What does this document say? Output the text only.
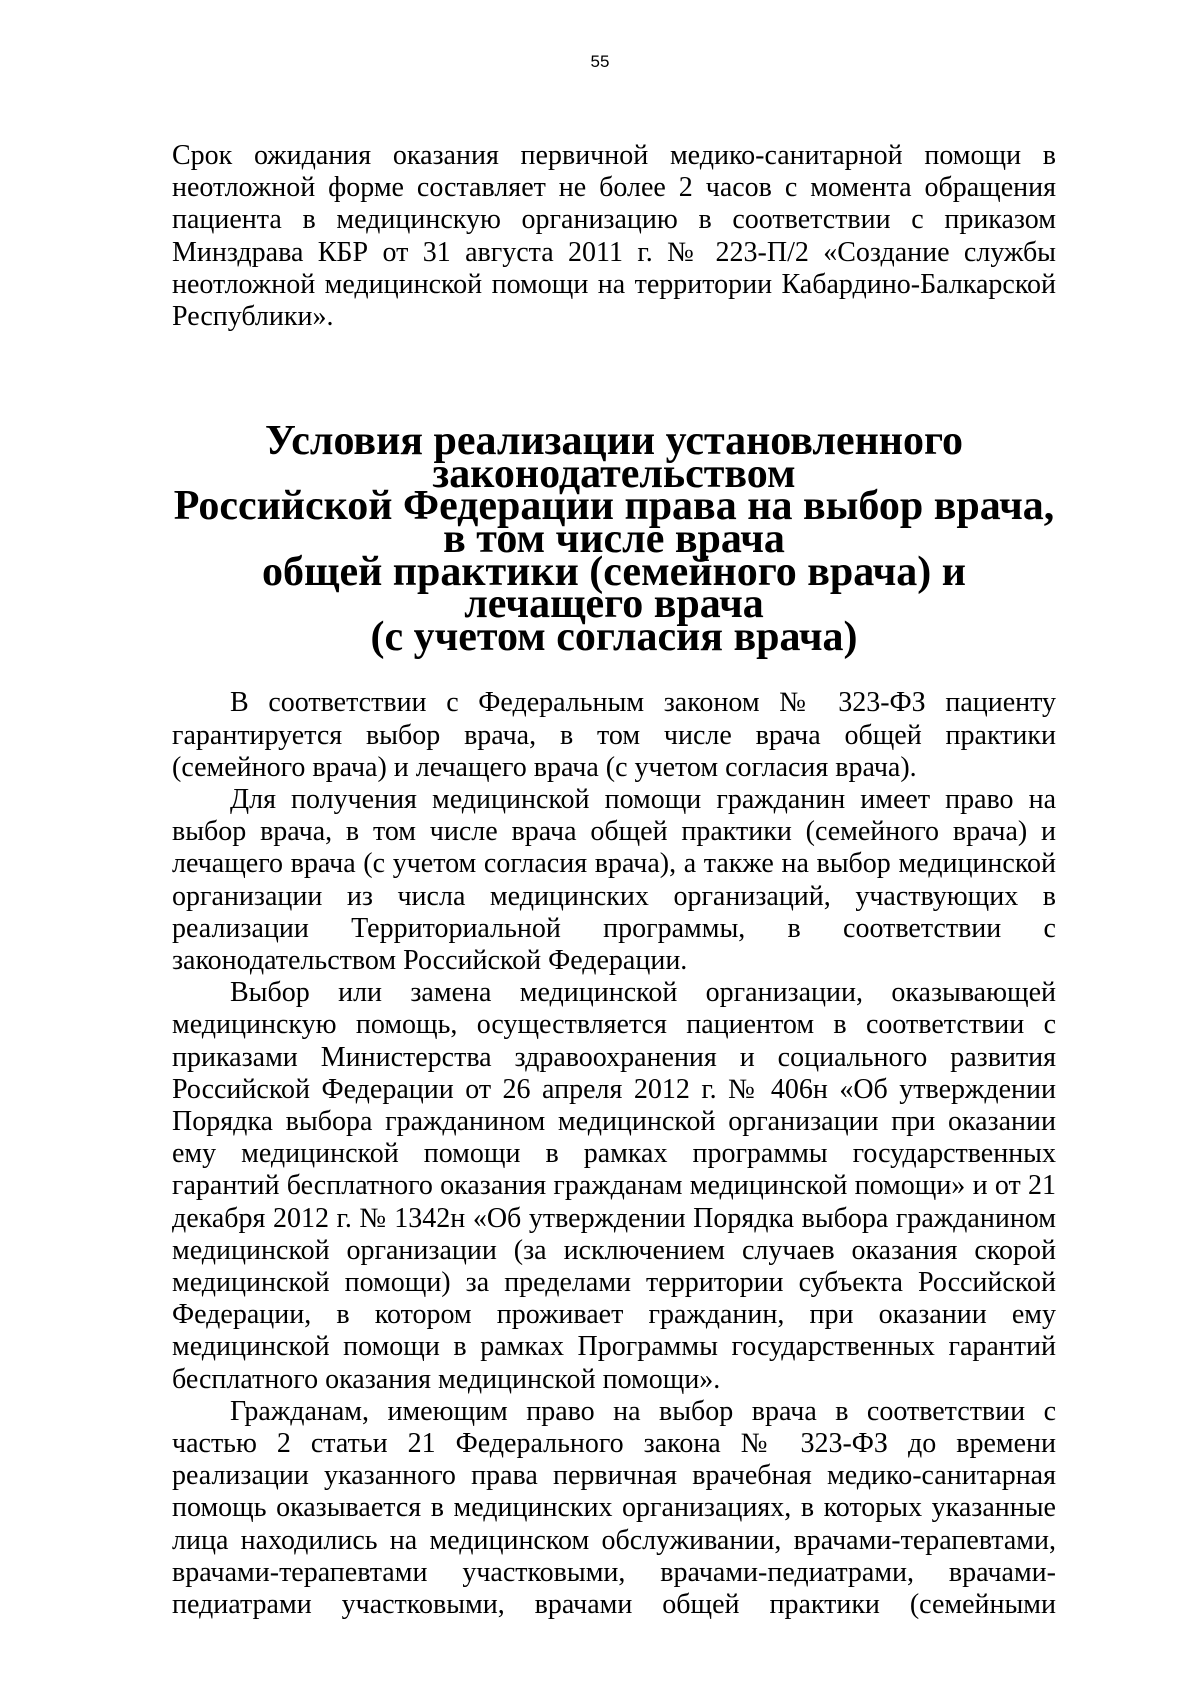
55

Срок ожидания оказания первичной медико-санитарной помощи в неотложной форме составляет не более 2 часов с момента обращения пациента в медицинскую организацию в соответствии с приказом Минздрава КБР от 31 августа 2011 г. № 223-П/2 «Создание службы неотложной медицинской помощи на территории Кабардино-Балкарской Республики».

Условия реализации установленного законодательством
Российской Федерации права на выбор врача, в том числе врача
общей практики (семейного врача) и лечащего врача
(с учетом согласия врача)

В соответствии с Федеральным законом № 323-ФЗ пациенту гарантируется выбор врача, в том числе врача общей практики (семейного врача) и лечащего врача (с учетом согласия врача).

Для получения медицинской помощи гражданин имеет право на выбор врача, в том числе врача общей практики (семейного врача) и лечащего врача (с учетом согласия врача), а также на выбор медицинской организации из числа медицинских организаций, участвующих в реализации Территориальной программы, в соответствии с законодательством Российской Федерации.

Выбор или замена медицинской организации, оказывающей медицинскую помощь, осуществляется пациентом в соответствии с приказами Министерства здравоохранения и социального развития Российской Федерации от 26 апреля 2012 г. № 406н «Об утверждении Порядка выбора гражданином медицинской организации при оказании ему медицинской помощи в рамках программы государственных гарантий бесплатного оказания гражданам медицинской помощи» и от 21 декабря 2012 г. № 1342н «Об утверждении Порядка выбора гражданином медицинской организации (за исключением случаев оказания скорой медицинской помощи) за пределами территории субъекта Российской Федерации, в котором проживает гражданин, при оказании ему медицинской помощи в рамках Программы государственных гарантий бесплатного оказания медицинской помощи».

Гражданам, имеющим право на выбор врача в соответствии с частью 2 статьи 21 Федерального закона № 323-ФЗ до времени реализации указанного права первичная врачебная медико-санитарная помощь оказывается в медицинских организациях, в которых указанные лица находились на медицинском обслуживании, врачами-терапевтами, врачами-терапевтами участковыми, врачами-педиатрами, врачами-педиатрами участковыми, врачами общей практики (семейными
